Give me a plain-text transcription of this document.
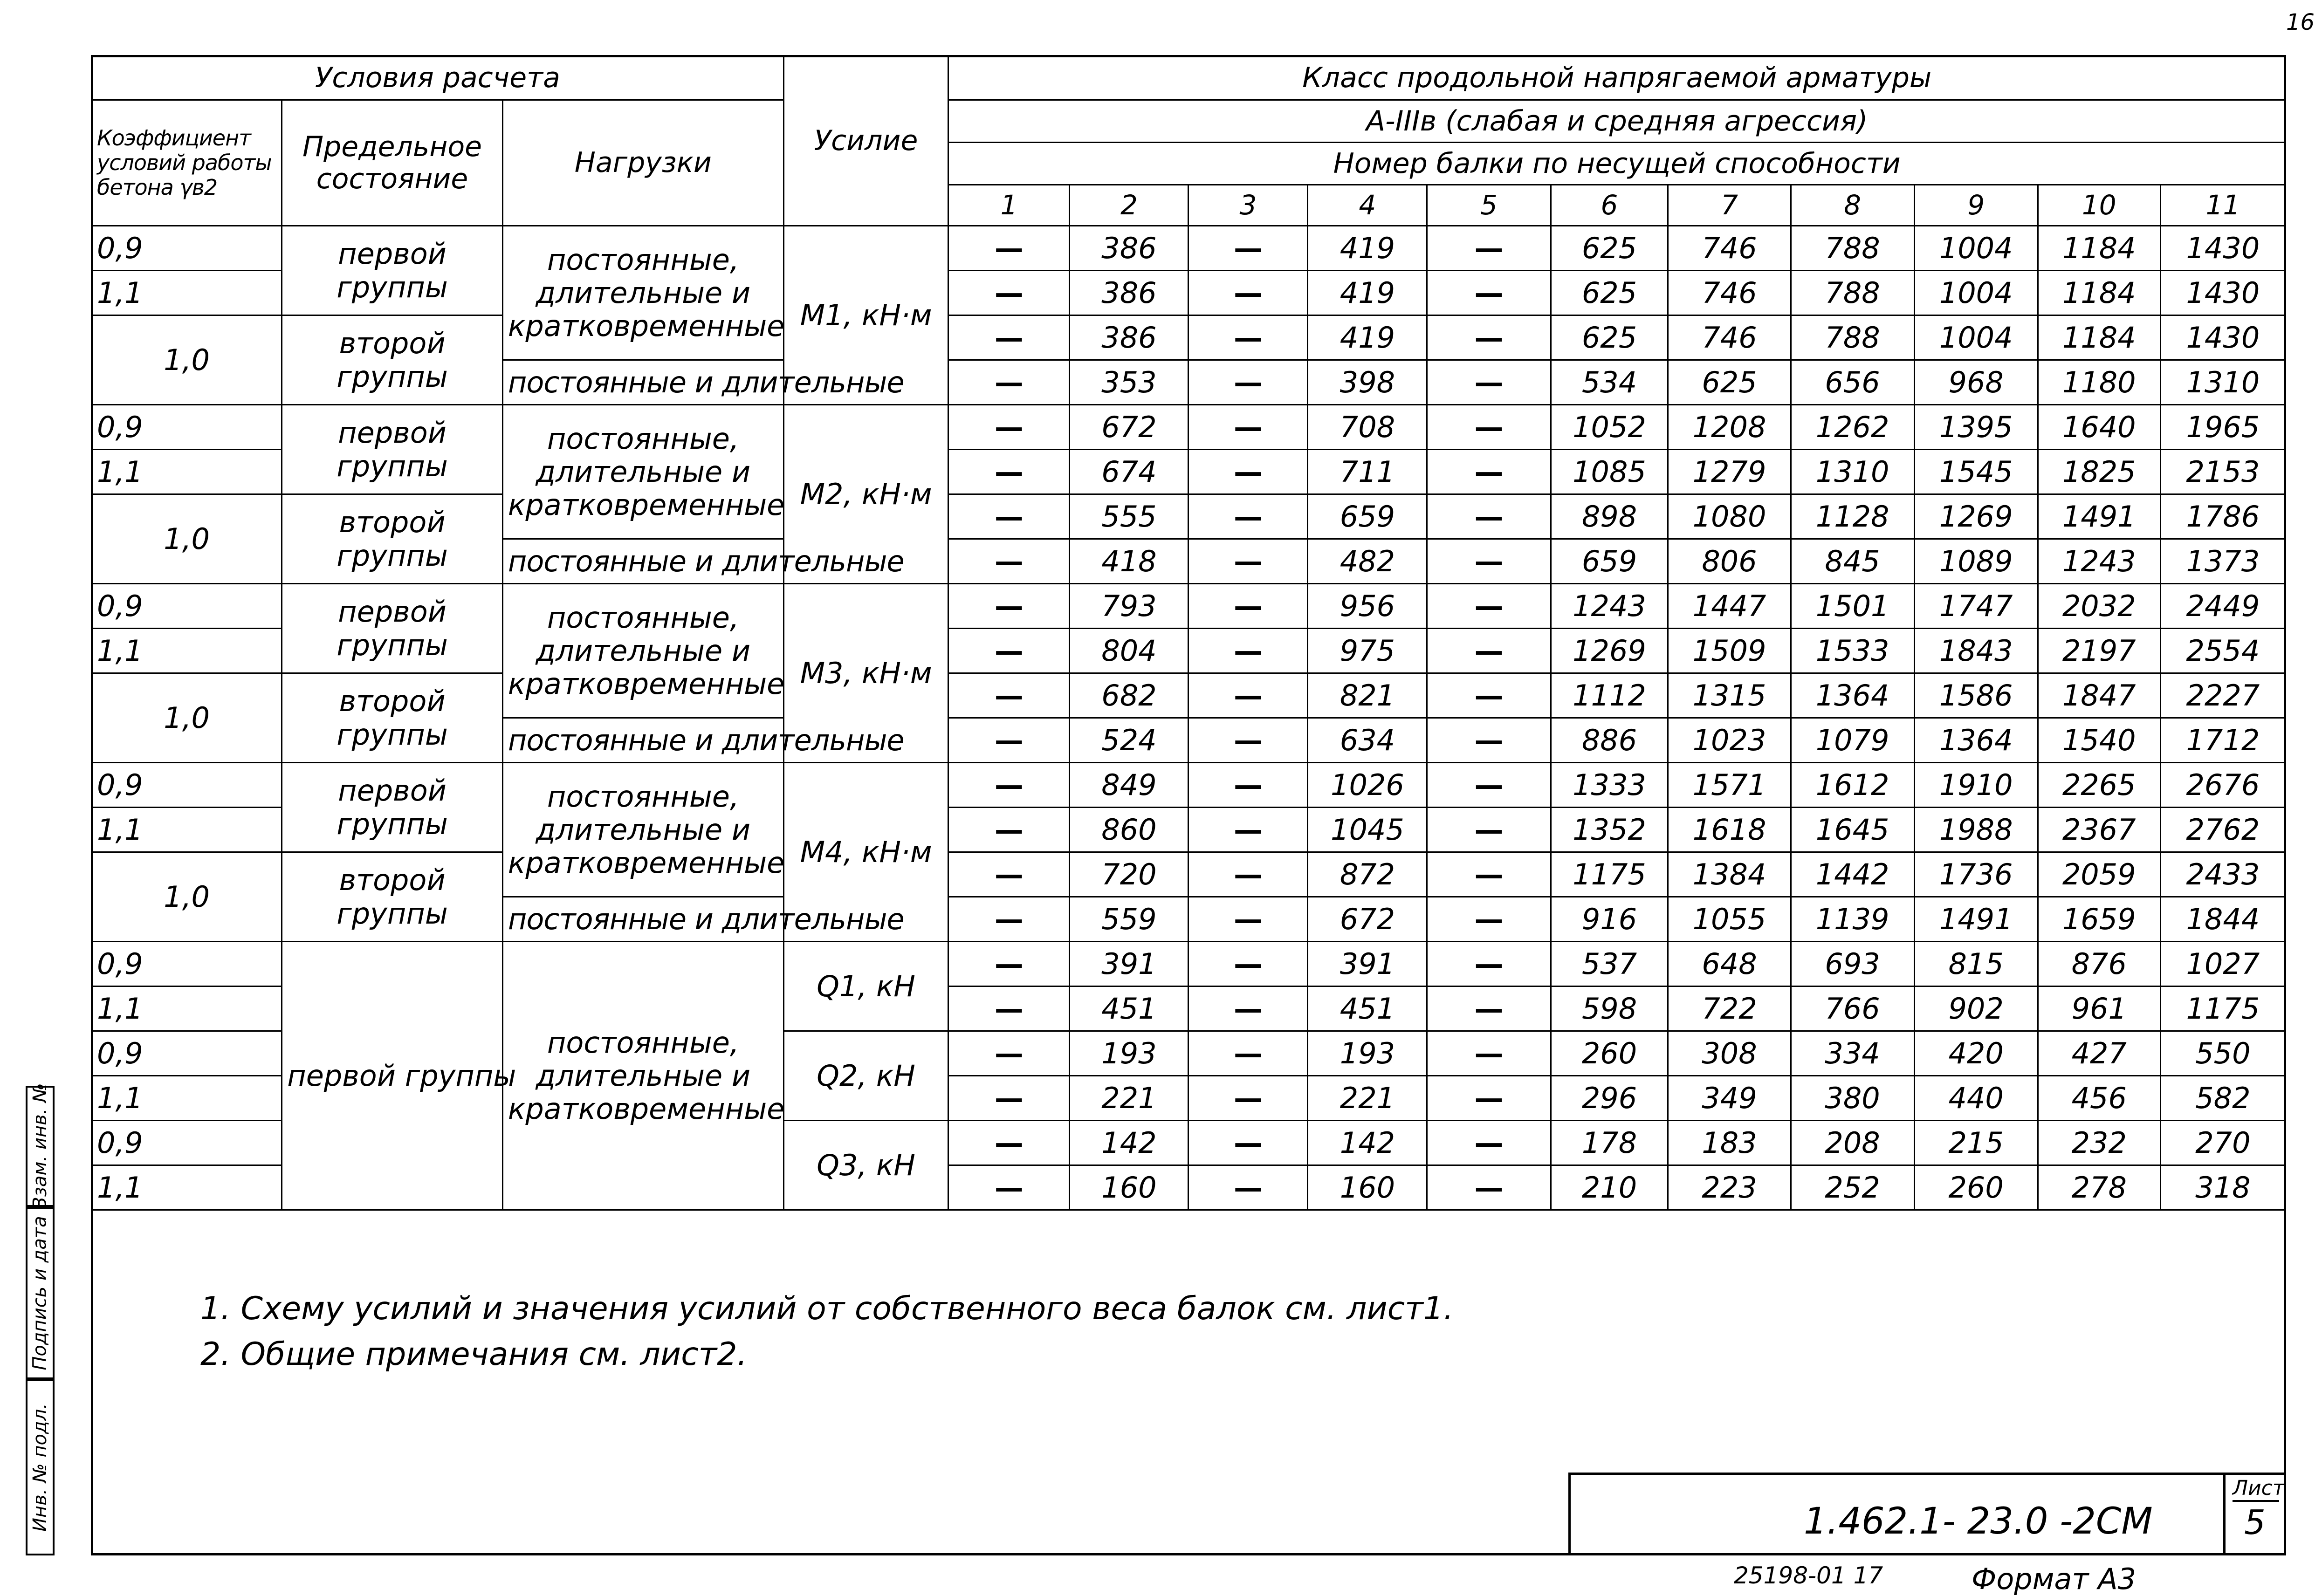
16
Условия расчета			Усилие	Класс продольной напрягаемой арматуры										
Коэффициент условий работы бетона γв2	Предельное состояние	Нагрузки		A-IIIв (слабая и средняя агрессия)										
				Номер балки по несущей способности										
				1	2	3	4	5	6	7	8	9	10	11
0,9	первой группы	постоянные, длительные и кратковременные	M1, кН·м	—	386	—	419	—	625	746	788	1004	1184	1430
1,1				—	386	—	419	—	625	746	788	1004	1184	1430
1,0	второй группы			—	386	—	419	—	625	746	788	1004	1184	1430
		постоянные и длительные		—	353	—	398	—	534	625	656	968	1180	1310
0,9	первой группы	постоянные, длительные и кратковременные	M2, кН·м	—	672	—	708	—	1052	1208	1262	1395	1640	1965
1,1				—	674	—	711	—	1085	1279	1310	1545	1825	2153
1,0	второй группы			—	555	—	659	—	898	1080	1128	1269	1491	1786
		постоянные и длительные		—	418	—	482	—	659	806	845	1089	1243	1373
0,9	первой группы	постоянные, длительные и кратковременные	M3, кН·м	—	793	—	956	—	1243	1447	1501	1747	2032	2449
1,1				—	804	—	975	—	1269	1509	1533	1843	2197	2554
1,0	второй группы			—	682	—	821	—	1112	1315	1364	1586	1847	2227
		постоянные и длительные		—	524	—	634	—	886	1023	1079	1364	1540	1712
0,9	первой группы	постоянные, длительные и кратковременные	M4, кН·м	—	849	—	1026	—	1333	1571	1612	1910	2265	2676
1,1				—	860	—	1045	—	1352	1618	1645	1988	2367	2762
1,0	второй группы			—	720	—	872	—	1175	1384	1442	1736	2059	2433
		постоянные и длительные		—	559	—	672	—	916	1055	1139	1491	1659	1844
0,9	первой группы	постоянные, длительные и кратковременные	Q1, кН	—	391	—	391	—	537	648	693	815	876	1027
1,1				—	451	—	451	—	598	722	766	902	961	1175
0,9			Q2, кН	—	193	—	193	—	260	308	334	420	427	550
1,1				—	221	—	221	—	296	349	380	440	456	582
0,9			Q3, кН	—	142	—	142	—	178	183	208	215	232	270
1,1				—	160	—	160	—	210	223	252	260	278	318
1. Схему усилий и значения усилий от собственного веса балок см. лист1.
2. Общие примечания см. лист2.
1.462.1- 23.0 -2СМ
Лист
5
25198-01 17	Формат А3
Инв. № подл.
Подпись и дата
Взам. инв. №
